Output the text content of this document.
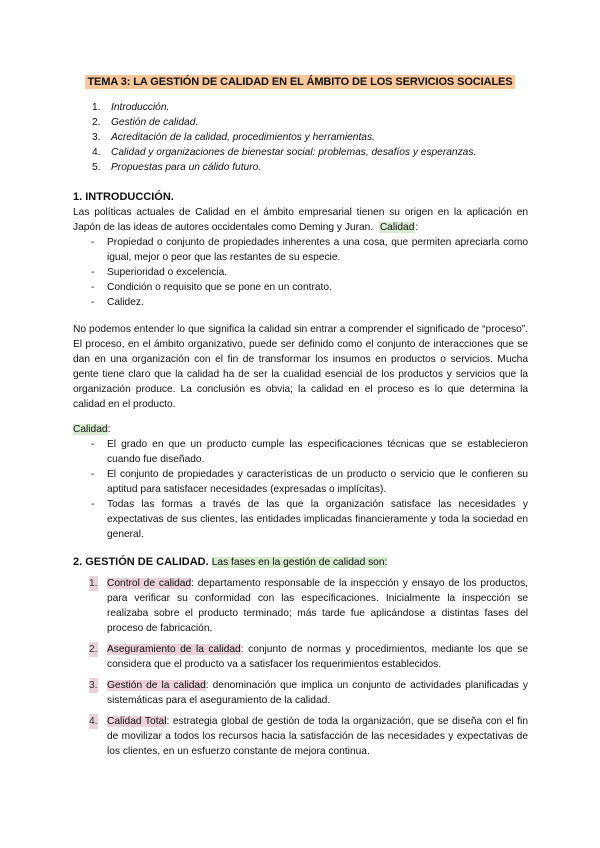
TEMA 3: LA GESTIÓN DE CALIDAD EN EL ÁMBITO DE LOS SERVICIOS SOCIALES
1. Introducción.
2. Gestión de calidad.
3. Acreditación de la calidad, procedimientos y herramientas.
4. Calidad y organizaciones de bienestar social: problemas, desafíos y esperanzas.
5. Propuestas para un cálido futuro.
1. INTRODUCCIÓN.

Las políticas actuales de Calidad en el ámbito empresarial tienen su origen en la aplicación en Japón de las ideas de autores occidentales como Deming y Juran. Calidad:

- Propiedad o conjunto de propiedades inherentes a una cosa, que permiten apreciarla como igual, mejor o peor que las restantes de su especie.
- Superioridad o excelencia.
- Condición o requisito que se pone en un contrato.
- Calidez.

No podemos entender lo que significa la calidad sin entrar a comprender el significado de “proceso”. El proceso, en el ámbito organizativo, puede ser definido como el conjunto de interacciones que se dan en una organización con el fin de transformar los insumos en productos o servicios. Mucha gente tiene claro que la calidad ha de ser la cualidad esencial de los productos y servicios que la organización produce. La conclusión es obvia; la calidad en el proceso es lo que determina la calidad en el producto.

Calidad:

- El grado en que un producto cumple las especificaciones técnicas que se establecieron cuando fue diseñado.
- El conjunto de propiedades y características de un producto o servicio que le confieren su aptitud para satisfacer necesidades (expresadas o implícitas).
- Todas las formas a través de las que la organización satisface las necesidades y expectativas de sus clientes, las entidades implicadas financieramente y toda la sociedad en general.
2. GESTIÓN DE CALIDAD. Las fases en la gestión de calidad son:
1. Control de calidad: departamento responsable de la inspección y ensayo de los productos, para verificar su conformidad con las especificaciones. Inicialmente la inspección se realizaba sobre el producto terminado; más tarde fue aplicándose a distintas fases del proceso de fabricación.
2. Aseguramiento de la calidad: conjunto de normas y procedimientos, mediante los que se considera que el producto va a satisfacer los requerimientos establecidos.
3. Gestión de la calidad: denominación que implica un conjunto de actividades planificadas y sistemáticas para el aseguramiento de la calidad.
4. Calidad Total: estrategia global de gestión de toda la organización, que se diseña con el fin de movilizar a todos los recursos hacia la satisfacción de las necesidades y expectativas de los clientes, en un esfuerzo constante de mejora continua.
